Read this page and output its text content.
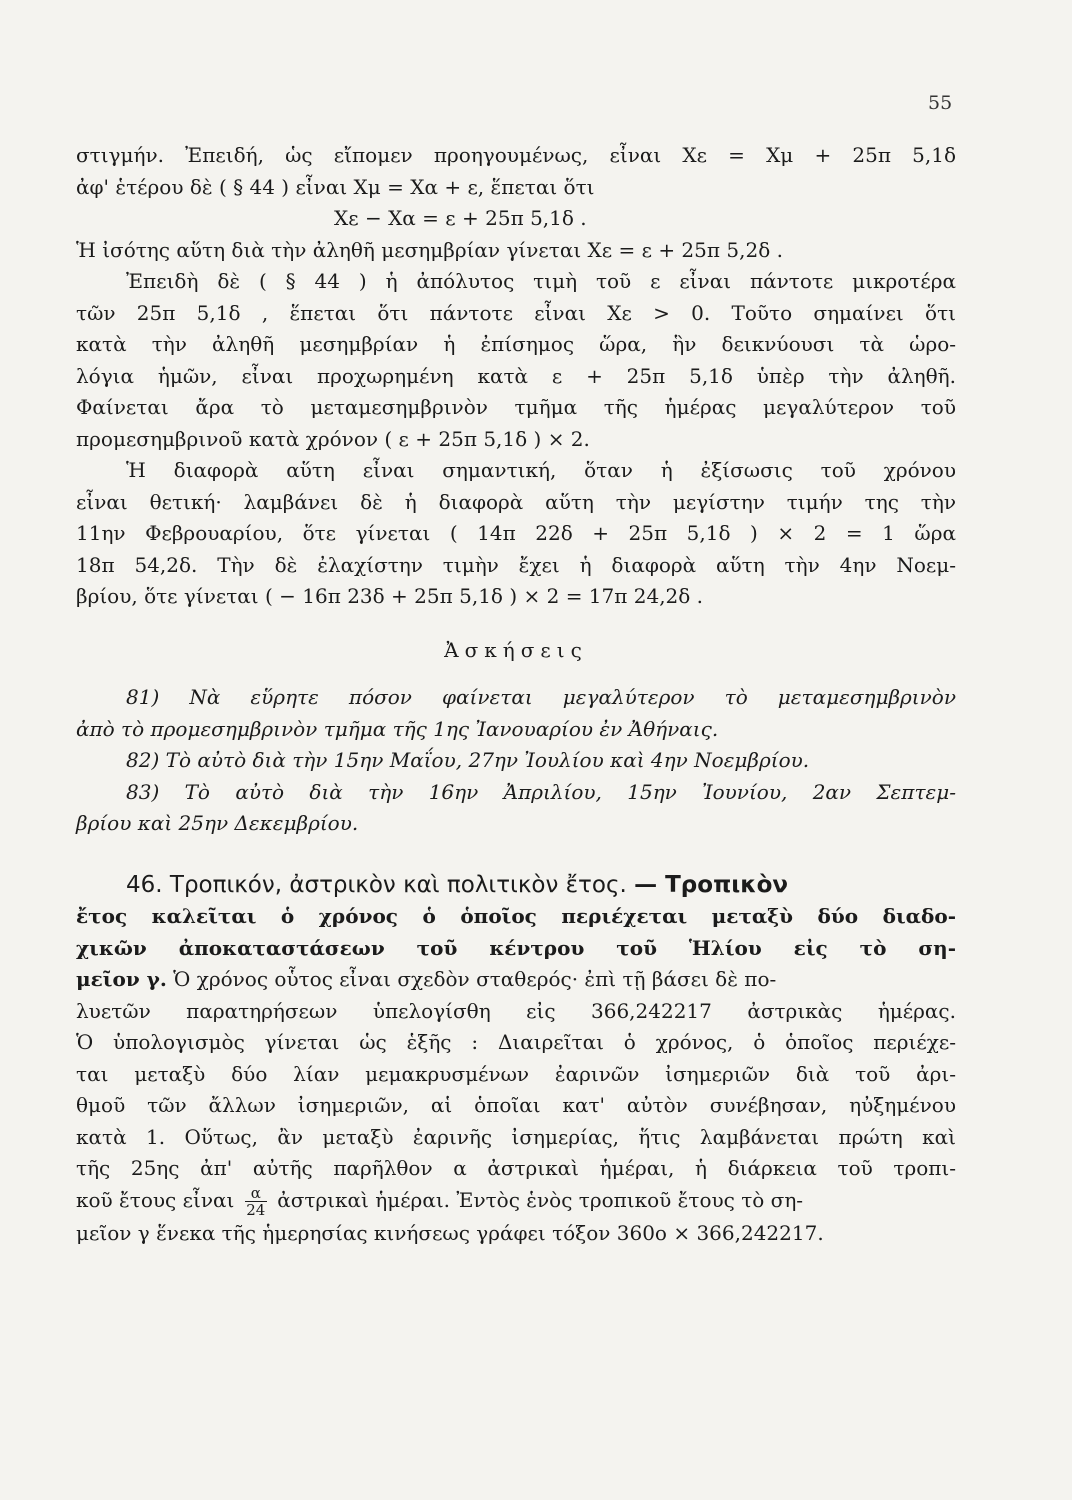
55
στιγμήν. Ἐπειδή, ὡς εἴπομεν προηγουμένως, εἶναι Xε = Xμ + 25π 5,1δ
ἀφ' ἑτέρου δὲ ( § 44 ) εἶναι Xμ = Xα + ε, ἕπεται ὅτι
Xε − Xα = ε + 25π 5,1δ .
Ἡ ἰσότης αὕτη διὰ τὴν ἀληθῆ μεσημβρίαν γίνεται Xε = ε + 25π 5,2δ .
Ἐπειδὴ δὲ ( § 44 ) ἡ ἀπόλυτος τιμὴ τοῦ ε εἶναι πάντοτε μικροτέρα
τῶν 25π 5,1δ , ἕπεται ὅτι πάντοτε εἶναι Xε > 0. Τοῦτο σημαίνει ὅτι
κατὰ τὴν ἀληθῆ μεσημβρίαν ἡ ἐπίσημος ὥρα, ἣν δεικνύουσι τὰ ὡρο-
λόγια ἡμῶν, εἶναι προχωρημένη κατὰ ε + 25π 5,1δ ὑπὲρ τὴν ἀληθῆ.
Φαίνεται ἄρα τὸ μεταμεσημβρινὸν τμῆμα τῆς ἡμέρας μεγαλύτερον τοῦ
προμεσημβρινοῦ κατὰ χρόνον ( ε + 25π 5,1δ ) × 2.
Ἡ διαφορὰ αὕτη εἶναι σημαντική, ὅταν ἡ ἐξίσωσις τοῦ χρόνου
εἶναι θετική· λαμβάνει δὲ ἡ διαφορὰ αὕτη τὴν μεγίστην τιμήν της τὴν
11ην Φεβρουαρίου, ὅτε γίνεται ( 14π 22δ + 25π 5,1δ ) × 2 = 1 ὥρα
18π 54,2δ. Τὴν δὲ ἐλαχίστην τιμὴν ἔχει ἡ διαφορὰ αὕτη τὴν 4ην Νοεμ-
βρίου, ὅτε γίνεται ( − 16π 23δ + 25π 5,1δ ) × 2 = 17π 24,2δ .
Ἀσκήσεις
81) Νὰ εὕρητε πόσον φαίνεται μεγαλύτερον τὸ μεταμεσημβρινὸν
ἀπὸ τὸ προμεσημβρινὸν τμῆμα τῆς 1ης Ἰανουαρίου ἐν Ἀθήναις.
82) Τὸ αὐτὸ διὰ τὴν 15ην Μαΐου, 27ην Ἰουλίου καὶ 4ην Νοεμβρίου.
83) Τὸ αὐτὸ διὰ τὴν 16ην Ἀπριλίου, 15ην Ἰουνίου, 2αν Σεπτεμ-
βρίου καὶ 25ην Δεκεμβρίου.
46. Τροπικόν, ἀστρικὸν καὶ πολιτικὸν ἔτος. — Τροπικὸν
ἔτος καλεῖται ὁ χρόνος ὁ ὁποῖος περιέχεται μεταξὺ δύο διαδο-
χικῶν ἀποκαταστάσεων τοῦ κέντρου τοῦ Ἡλίου εἰς τὸ ση-
μεῖον γ. Ὁ χρόνος οὗτος εἶναι σχεδὸν σταθερός· ἐπὶ τῇ βάσει δὲ πο-
λυετῶν παρατηρήσεων ὑπελογίσθη εἰς 366,242217 ἀστρικὰς ἡμέρας.
Ὁ ὑπολογισμὸς γίνεται ὡς ἑξῆς : Διαιρεῖται ὁ χρόνος, ὁ ὁποῖος περιέχε-
ται μεταξὺ δύο λίαν μεμακρυσμένων ἐαρινῶν ἰσημεριῶν διὰ τοῦ ἀρι-
θμοῦ τῶν ἄλλων ἰσημεριῶν, αἱ ὁποῖαι κατ' αὐτὸν συνέβησαν, ηὐξημένου
κατὰ 1. Οὕτως, ἂν μεταξὺ ἐαρινῆς ἰσημερίας, ἥτις λαμβάνεται πρώτη καὶ
τῆς 25ης ἀπ' αὐτῆς παρῆλθον α ἀστρικαὶ ἡμέραι, ἡ διάρκεια τοῦ τροπι-
κοῦ ἔτους εἶναι $\frac{\alpha}{24}$ ἀστρικαὶ ἡμέραι. Ἐντὸς ἑνὸς τροπικοῦ ἔτους τὸ ση-
μεῖον γ ἕνεκα τῆς ἡμερησίας κινήσεως γράφει τόξον 360ο × 366,242217.
